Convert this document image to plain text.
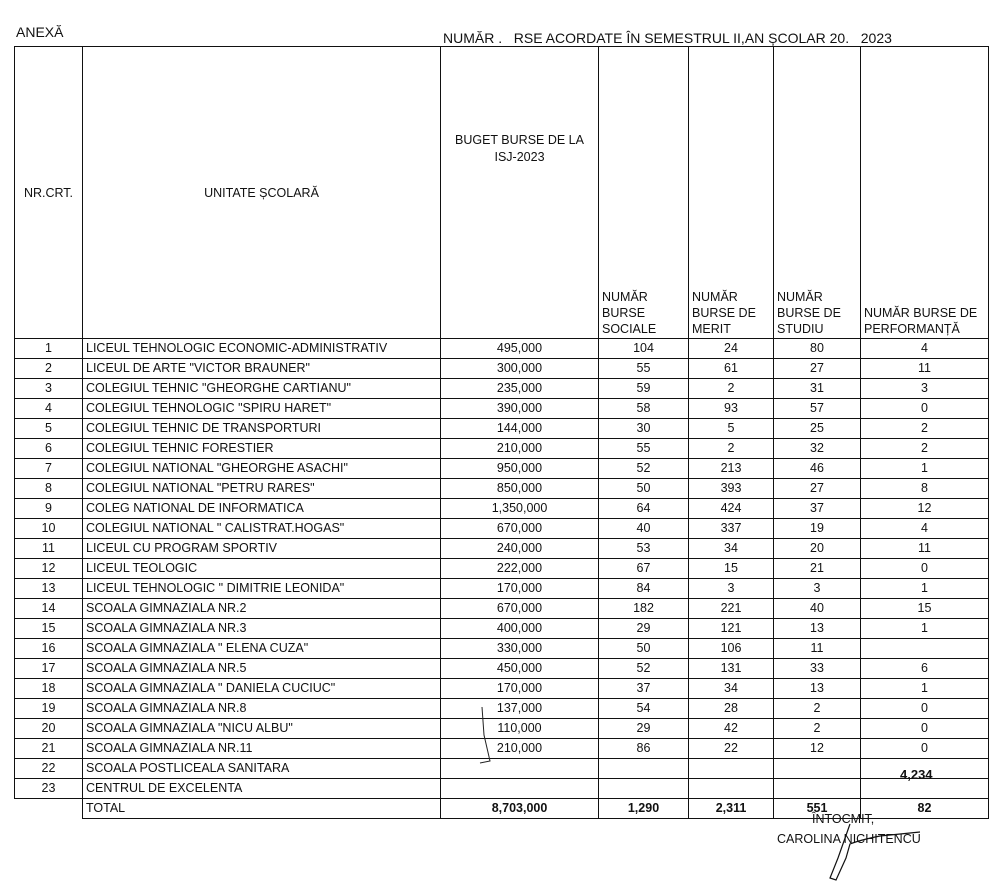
ANEXĂ	NUMĂR .   RSE ACORDATE ÎN SEMESTRUL II,AN ȘCOLAR 20.   2023
NR.CRT.	UNITATE ȘCOLARĂ	BUGET BURSE DE LA ISJ-2023	NUMĂR BURSE SOCIALE	NUMĂR BURSE DE MERIT	NUMĂR BURSE DE STUDIU	NUMĂR BURSE DE PERFORMANȚĂ
1	LICEUL TEHNOLOGIC ECONOMIC-ADMINISTRATIV	495,000	104	24	80	4
2	LICEUL DE ARTE "VICTOR BRAUNER"	300,000	55	61	27	11
3	COLEGIUL TEHNIC "GHEORGHE CARTIANU"	235,000	59	2	31	3
4	COLEGIUL TEHNOLOGIC "SPIRU HARET"	390,000	58	93	57	0
5	COLEGIUL TEHNIC DE TRANSPORTURI	144,000	30	5	25	2
6	COLEGIUL TEHNIC FORESTIER	210,000	55	2	32	2
7	COLEGIUL NATIONAL "GHEORGHE ASACHI"	950,000	52	213	46	1
8	COLEGIUL NATIONAL "PETRU RARES"	850,000	50	393	27	8
9	COLEG NATIONAL DE INFORMATICA	1,350,000	64	424	37	12
10	COLEGIUL NATIONAL " CALISTRAT.HOGAS"	670,000	40	337	19	4
11	LICEUL CU PROGRAM SPORTIV	240,000	53	34	20	11
12	LICEUL TEOLOGIC	222,000	67	15	21	0
13	LICEUL TEHNOLOGIC " DIMITRIE LEONIDA"	170,000	84	3	3	1
14	SCOALA GIMNAZIALA NR.2	670,000	182	221	40	15
15	SCOALA GIMNAZIALA NR.3	400,000	29	121	13	1
16	SCOALA GIMNAZIALA " ELENA CUZA"	330,000	50	106	11	
17	SCOALA GIMNAZIALA NR.5	450,000	52	131	33	6
18	SCOALA GIMNAZIALA " DANIELA CUCIUC"	170,000	37	34	13	1
19	SCOALA GIMNAZIALA NR.8	137,000	54	28	2	0
20	SCOALA GIMNAZIALA "NICU ALBU"	110,000	29	42	2	0
21	SCOALA GIMNAZIALA NR.11	210,000	86	22	12	0
22	SCOALA POSTLICEALA SANITARA					
23	CENTRUL DE EXCELENTA					
	TOTAL	8,703,000	1,290	2,311	551	82
4,234
ÎNTOCMIT,
CAROLINA NICHITENCU
